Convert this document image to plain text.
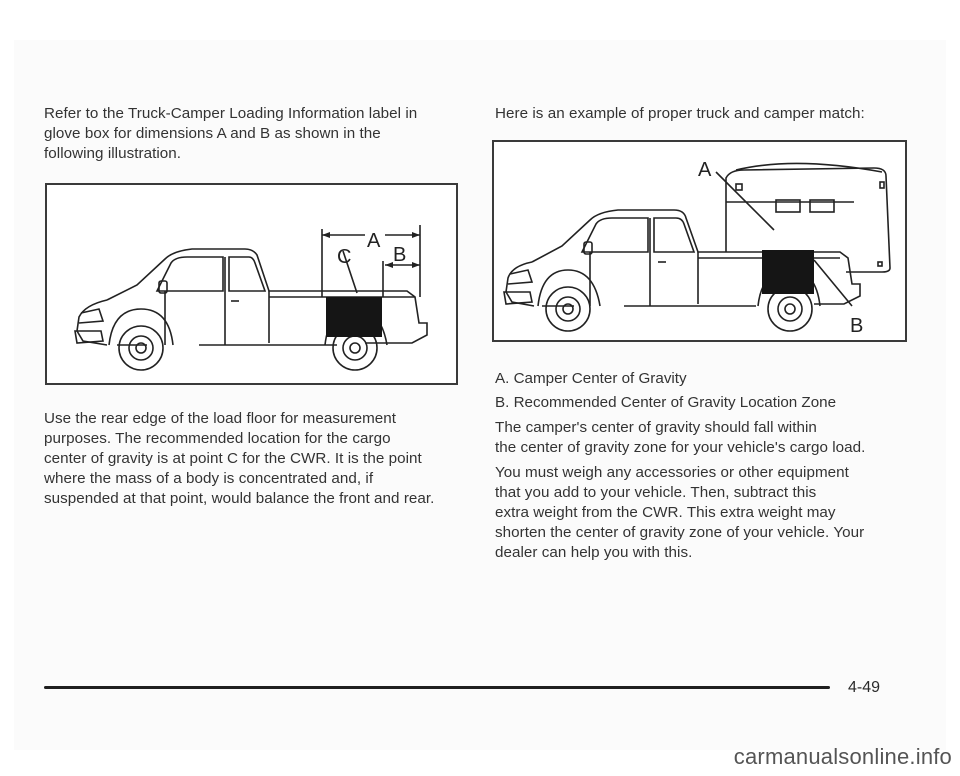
Refer to the Truck-Camper Loading Information label in
glove box for dimensions A and B as shown in the
following illustration.
A
C B
Use the rear edge of the load floor for measurement
purposes. The recommended location for the cargo
center of gravity is at point C for the CWR. It is the point
where the mass of a body is concentrated and, if
suspended at that point, would balance the front and rear.
Here is an example of proper truck and camper match:
A
B
A. Camper Center of Gravity
B. Recommended Center of Gravity Location Zone
The camper's center of gravity should fall within
the center of gravity zone for your vehicle's cargo load.
You must weigh any accessories or other equipment
that you add to your vehicle. Then, subtract this
extra weight from the CWR. This extra weight may
shorten the center of gravity zone of your vehicle. Your
dealer can help you with this.
4-49
carmanualsonline.info
